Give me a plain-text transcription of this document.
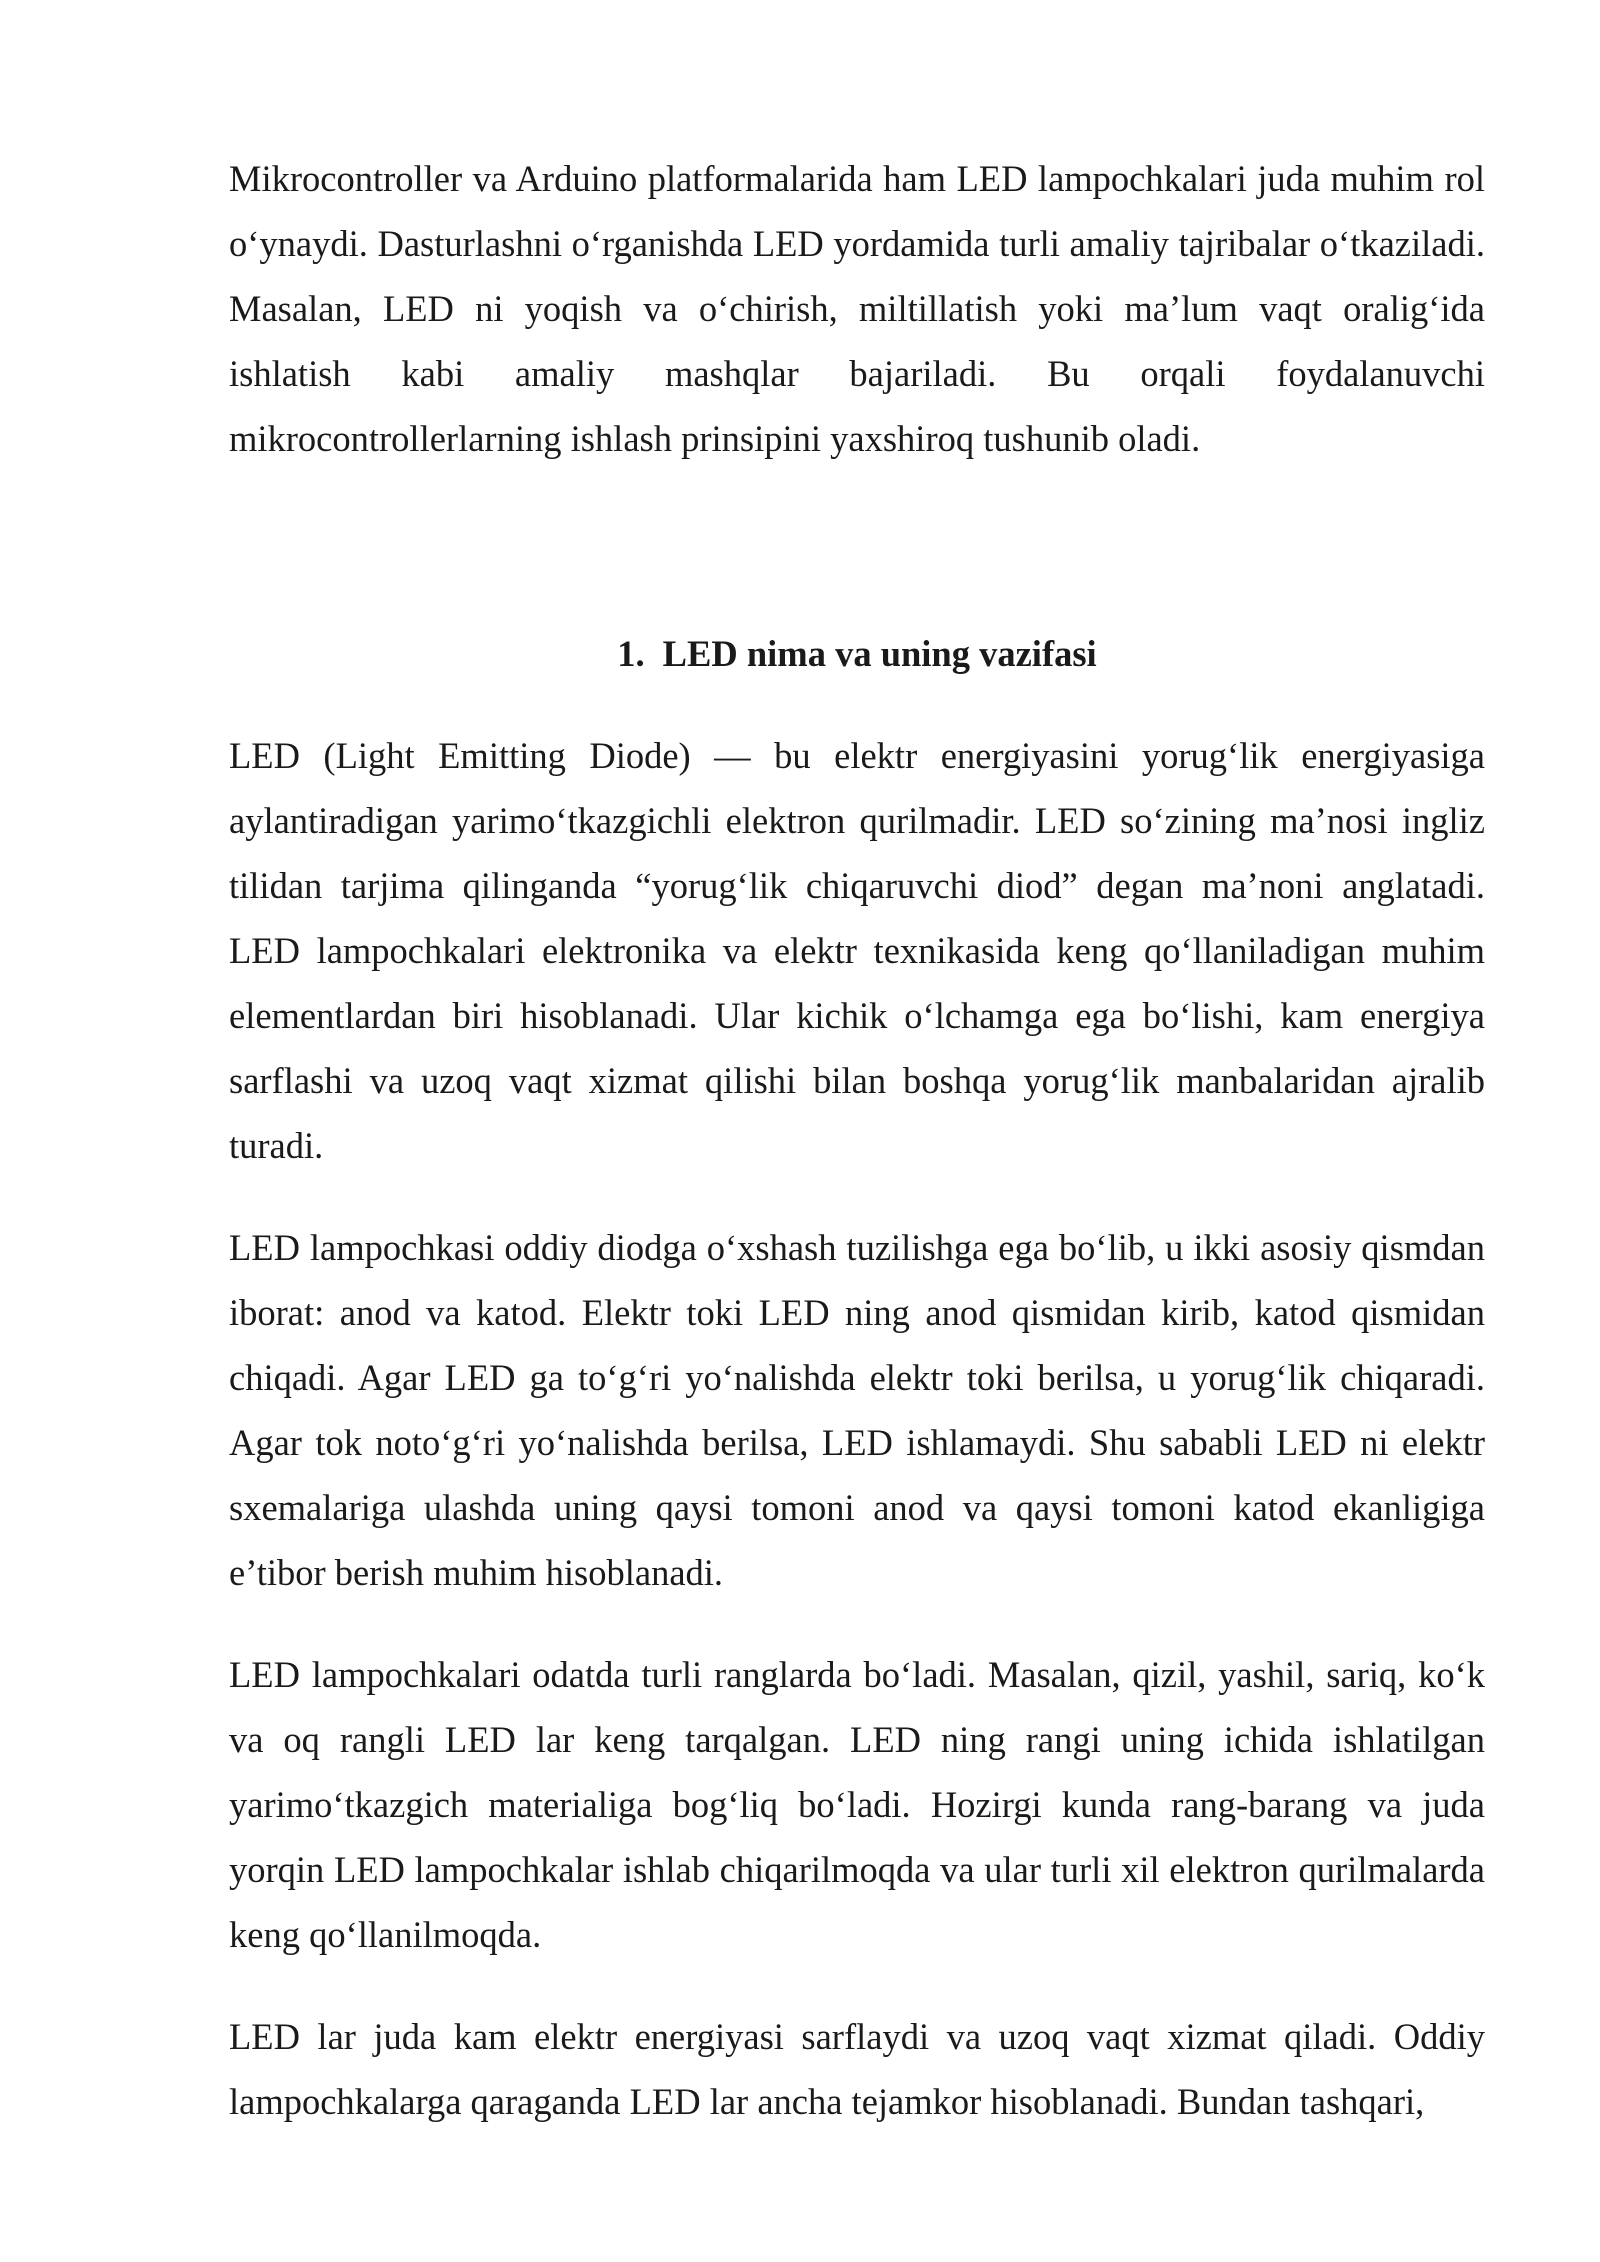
Mikrocontroller va Arduino platformalarida ham LED lampochkalari juda muhim rol o‘ynaydi. Dasturlashni o‘rganishda LED yordamida turli amaliy tajribalar o‘tkaziladi. Masalan, LED ni yoqish va o‘chirish, miltillatish yoki ma’lum vaqt oralig‘ida ishlatish kabi amaliy mashqlar bajariladi. Bu orqali foydalanuvchi mikrocontrollerlarning ishlash prinsipini yaxshiroq tushunib oladi.

1. LED nima va uning vazifasi

LED (Light Emitting Diode) — bu elektr energiyasini yorug‘lik energiyasiga aylantiradigan yarimo‘tkazgichli elektron qurilmadir. LED so‘zining ma’nosi ingliz tilidan tarjima qilinganda “yorug‘lik chiqaruvchi diod” degan ma’noni anglatadi. LED lampochkalari elektronika va elektr texnikasida keng qo‘llaniladigan muhim elementlardan biri hisoblanadi. Ular kichik o‘lchamga ega bo‘lishi, kam energiya sarflashi va uzoq vaqt xizmat qilishi bilan boshqa yorug‘lik manbalaridan ajralib turadi.

LED lampochkasi oddiy diodga o‘xshash tuzilishga ega bo‘lib, u ikki asosiy qismdan iborat: anod va katod. Elektr toki LED ning anod qismidan kirib, katod qismidan chiqadi. Agar LED ga to‘g‘ri yo‘nalishda elektr toki berilsa, u yorug‘lik chiqaradi. Agar tok noto‘g‘ri yo‘nalishda berilsa, LED ishlamaydi. Shu sababli LED ni elektr sxemalariga ulashda uning qaysi tomoni anod va qaysi tomoni katod ekanligiga e’tibor berish muhim hisoblanadi.

LED lampochkalari odatda turli ranglarda bo‘ladi. Masalan, qizil, yashil, sariq, ko‘k va oq rangli LED lar keng tarqalgan. LED ning rangi uning ichida ishlatilgan yarimo‘tkazgich materialiga bog‘liq bo‘ladi. Hozirgi kunda rang-barang va juda yorqin LED lampochkalar ishlab chiqarilmoqda va ular turli xil elektron qurilmalarda keng qo‘llanilmoqda.

LED lar juda kam elektr energiyasi sarflaydi va uzoq vaqt xizmat qiladi. Oddiy lampochkalarga qaraganda LED lar ancha tejamkor hisoblanadi. Bundan tashqari,
